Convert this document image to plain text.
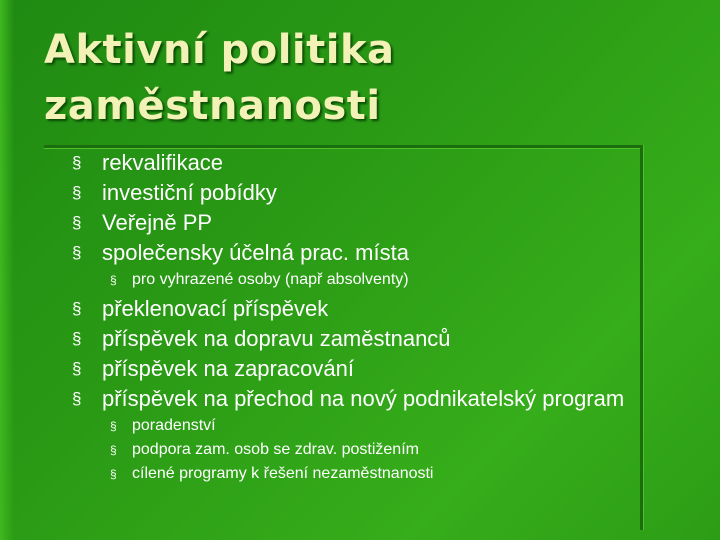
Aktivní politika
zaměstnanosti
§ rekvalifikace
§ investiční pobídky
§ Veřejně PP
§ společensky účelná prac. místa
§ pro vyhrazené osoby (např absolventy)
§ překlenovací příspěvek
§ příspěvek na dopravu zaměstnanců
§ příspěvek na zapracování
§ příspěvek na přechod na nový podnikatelský program
§ poradenství
§ podpora zam. osob se zdrav. postižením
§ cílené programy k řešení nezaměstnanosti
